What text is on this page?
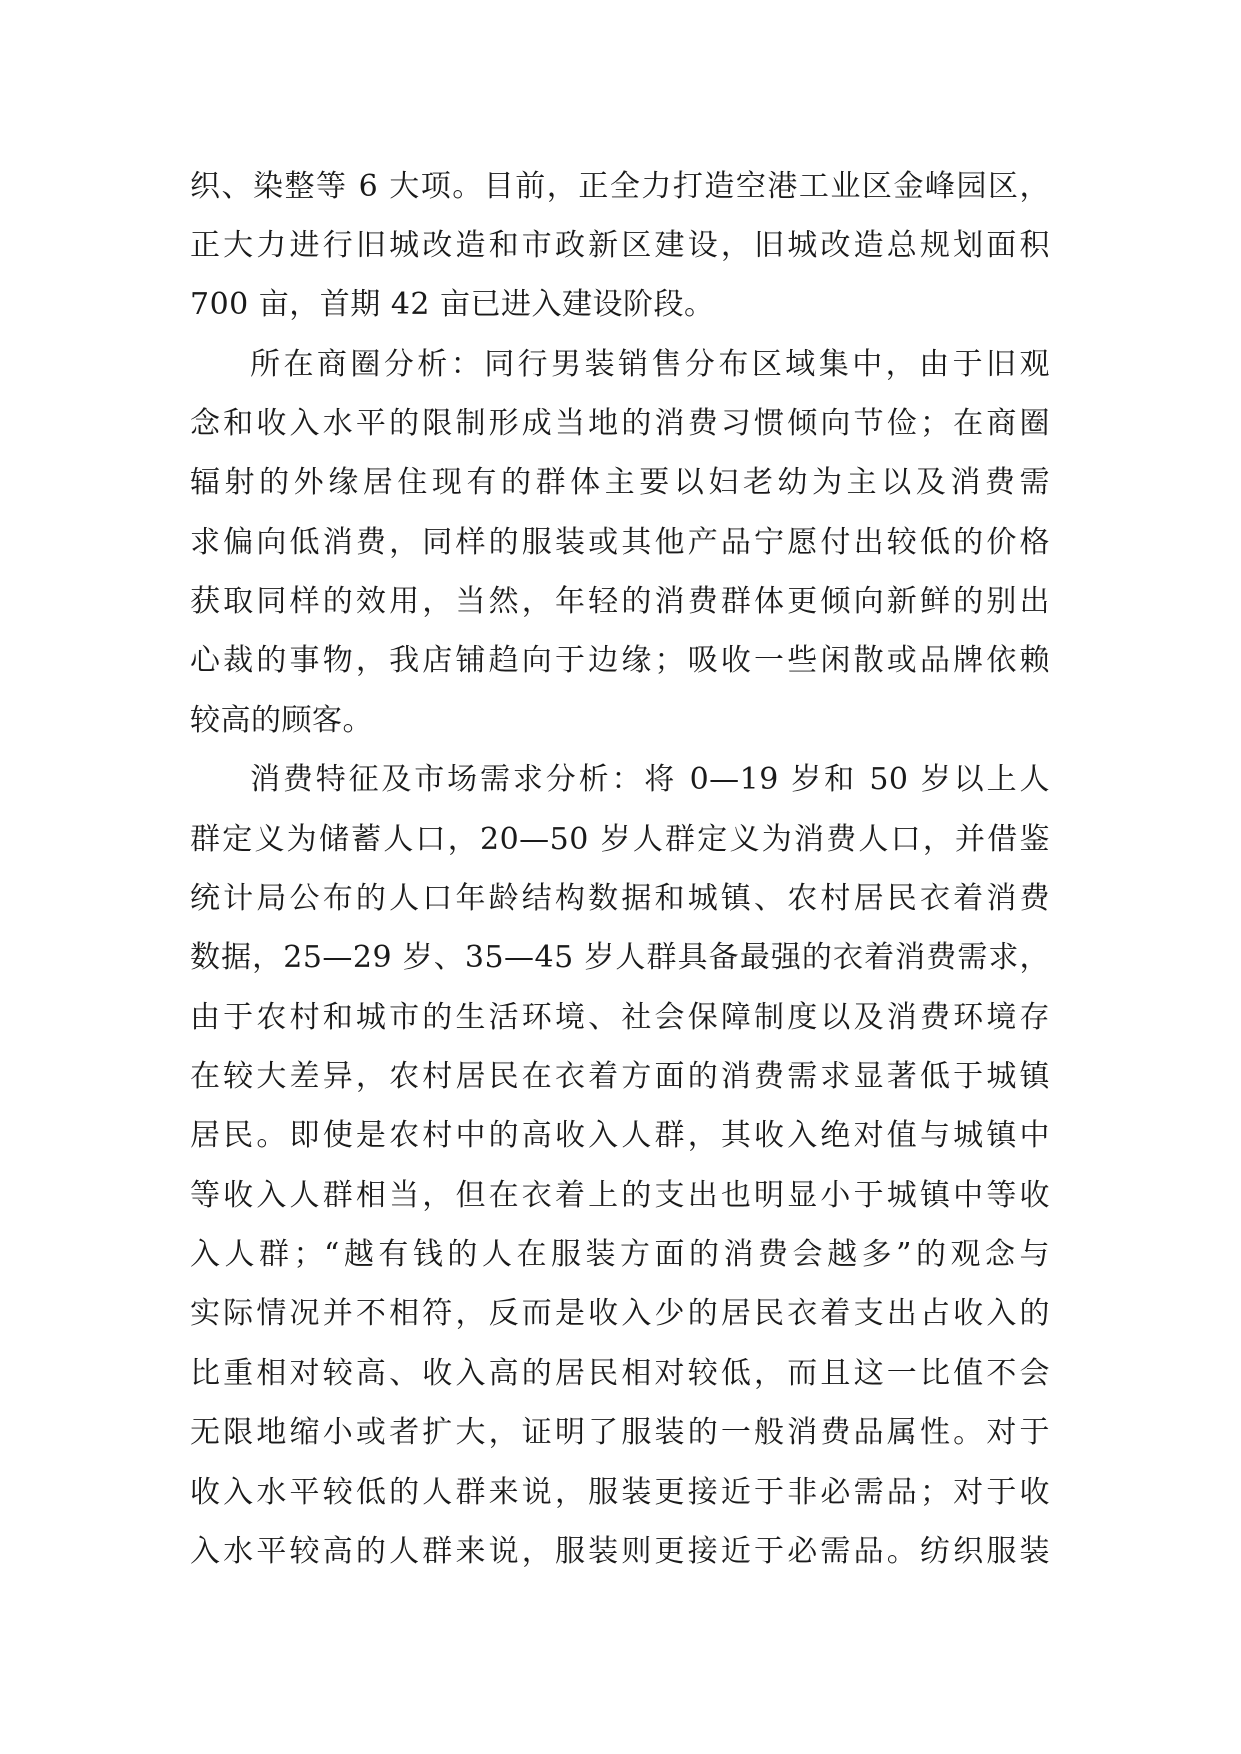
织、染整等 6 大项。目前，正全力打造空港工业区金峰园区，
正大力进行旧城改造和市政新区建设，旧城改造总规划面积
700 亩，首期 42 亩已进入建设阶段。
所在商圈分析：同行男装销售分布区域集中，由于旧观
念和收入水平的限制形成当地的消费习惯倾向节俭；在商圈
辐射的外缘居住现有的群体主要以妇老幼为主以及消费需
求偏向低消费，同样的服装或其他产品宁愿付出较低的价格
获取同样的效用，当然，年轻的消费群体更倾向新鲜的别出
心裁的事物，我店铺趋向于边缘；吸收一些闲散或品牌依赖
较高的顾客。
消费特征及市场需求分析：将 0—19 岁和 50 岁以上人
群定义为储蓄人口，20—50 岁人群定义为消费人口，并借鉴
统计局公布的人口年龄结构数据和城镇、农村居民衣着消费
数据，25—29 岁、35—45 岁人群具备最强的衣着消费需求，
由于农村和城市的生活环境、社会保障制度以及消费环境存
在较大差异，农村居民在衣着方面的消费需求显著低于城镇
居民。即使是农村中的高收入人群，其收入绝对值与城镇中
等收入人群相当，但在衣着上的支出也明显小于城镇中等收
入人群；“越有钱的人在服装方面的消费会越多”的观念与
实际情况并不相符，反而是收入少的居民衣着支出占收入的
比重相对较高、收入高的居民相对较低，而且这一比值不会
无限地缩小或者扩大，证明了服装的一般消费品属性。对于
收入水平较低的人群来说，服装更接近于非必需品；对于收
入水平较高的人群来说，服装则更接近于必需品。纺织服装
